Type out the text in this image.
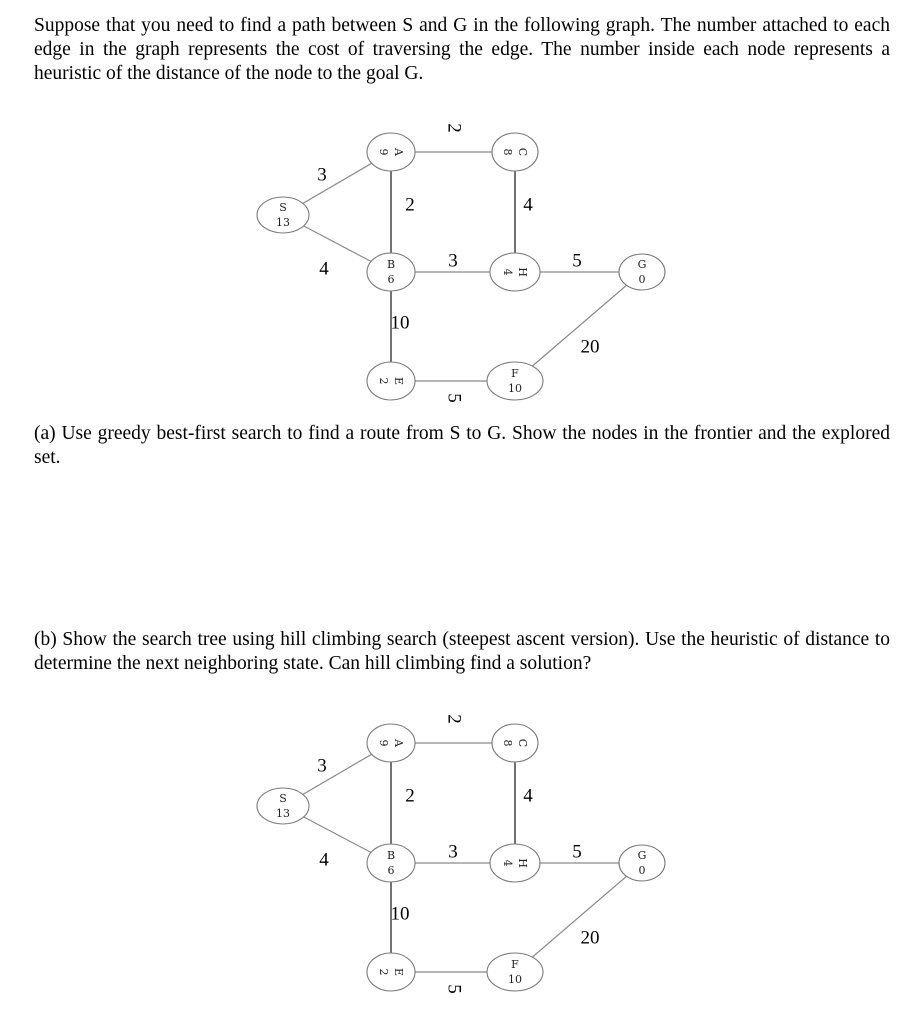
Suppose that you need to find a path between S and G in the following graph. The number attached to each edge in the graph represents the cost of traversing the edge. The number inside each node represents a heuristic of the distance of the node to the goal G.

3
4
2
2	4
3	5
10
5
20
S
13
A
9
B
6
C
8
H
4
G
0
E
2
F
10

(a) Use greedy best-first search to find a route from S to G. Show the nodes in the frontier and the explored set.

(b) Show the search tree using hill climbing search (steepest ascent version). Use the heuristic of distance to determine the next neighboring state. Can hill climbing find a solution?

3
4
2
2	4
3	5
10
5
20
S
13
A
9
B
6
C
8
H
4
G
0
E
2
F
10
